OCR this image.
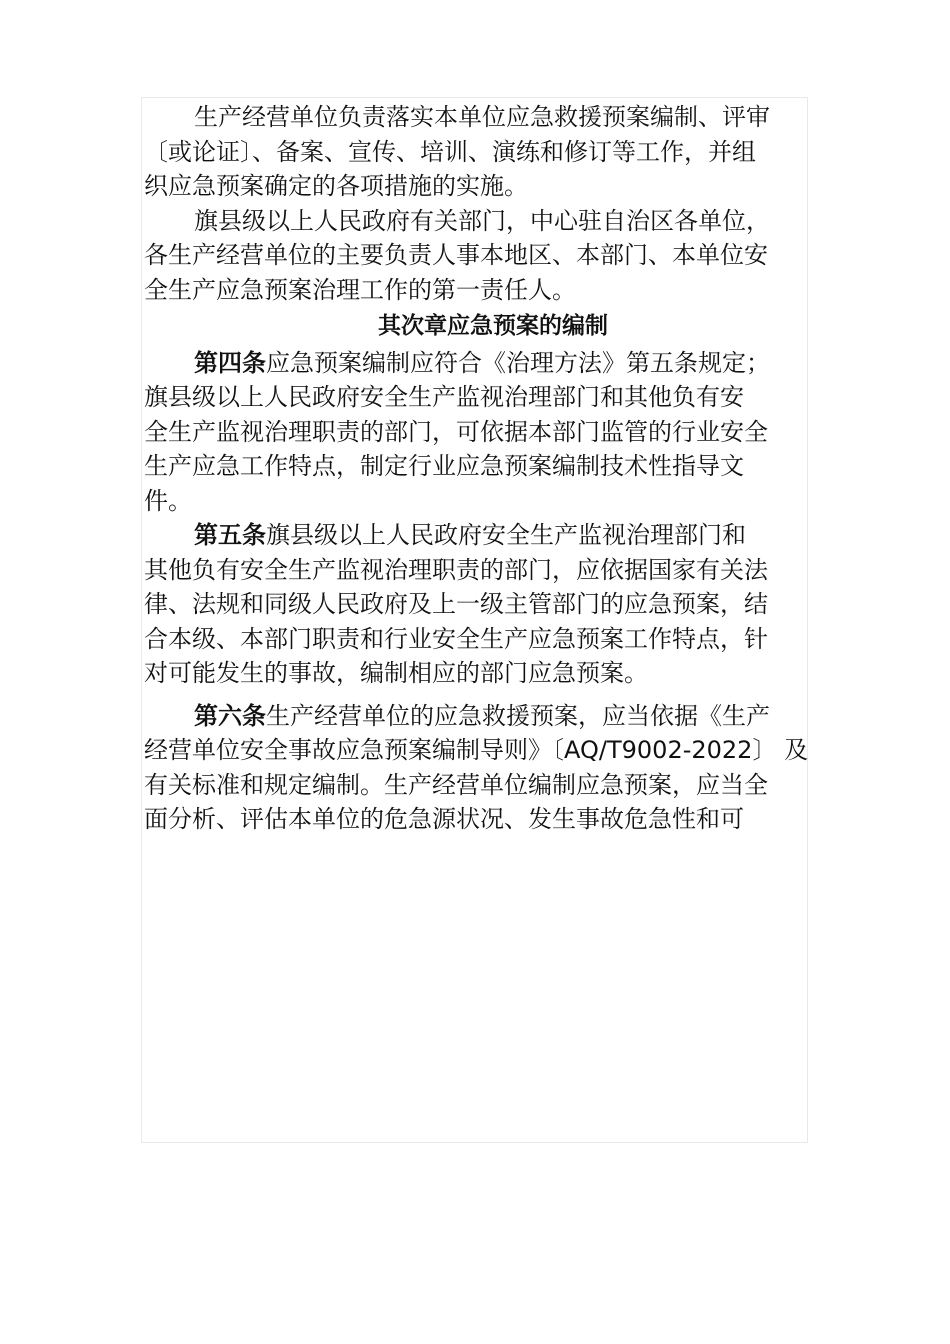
生产经营单位负责落实本单位应急救援预案编制、评审
〔或论证〕、备案、宣传、培训、演练和修订等工作，并组
织应急预案确定的各项措施的实施。
旗县级以上人民政府有关部门，中心驻自治区各单位，
各生产经营单位的主要负责人事本地区、本部门、本单位安
全生产应急预案治理工作的第一责任人。
其次章应急预案的编制
第四条应急预案编制应符合《治理方法》第五条规定；
旗县级以上人民政府安全生产监视治理部门和其他负有安
全生产监视治理职责的部门，可依据本部门监管的行业安全
生产应急工作特点，制定行业应急预案编制技术性指导文
件。
第五条旗县级以上人民政府安全生产监视治理部门和
其他负有安全生产监视治理职责的部门，应依据国家有关法
律、法规和同级人民政府及上一级主管部门的应急预案，结
合本级、本部门职责和行业安全生产应急预案工作特点，针
对可能发生的事故，编制相应的部门应急预案。
第六条生产经营单位的应急救援预案，应当依据《生产
经营单位安全事故应急预案编制导则》〔AQ/T9002-2022〕 及
有关标准和规定编制。生产经营单位编制应急预案，应当全
面分析、评估本单位的危急源状况、发生事故危急性和可
